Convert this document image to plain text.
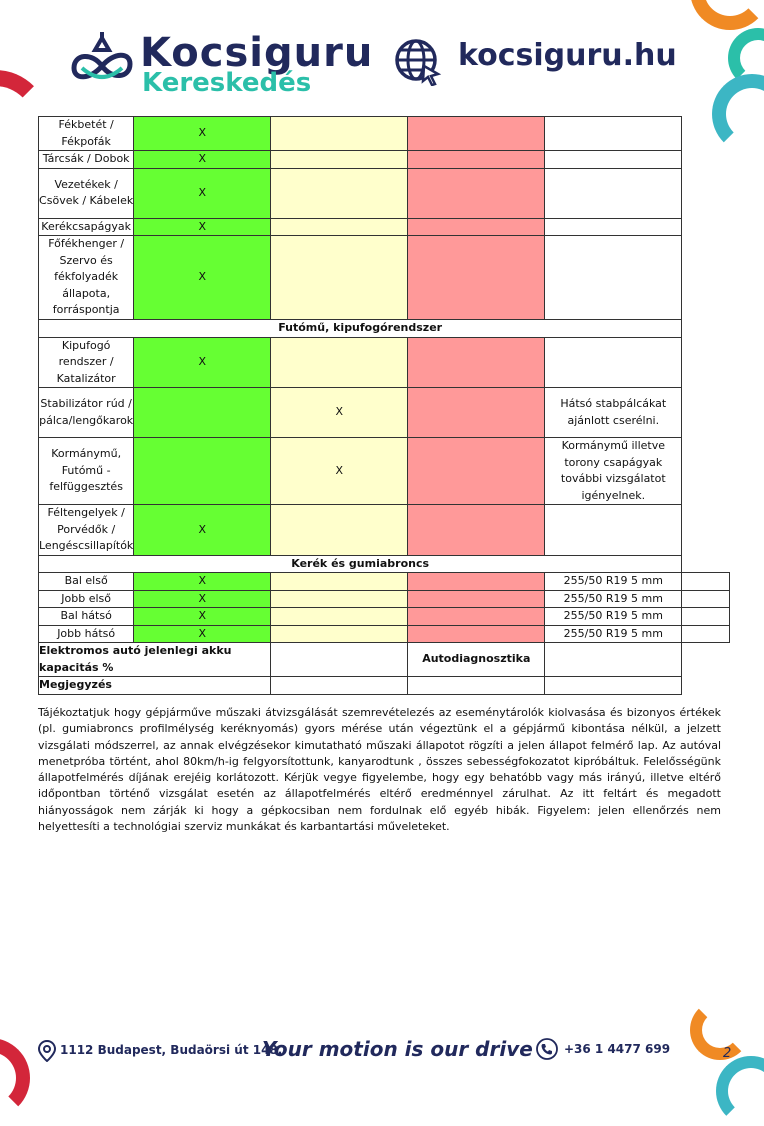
Kocsiguru
Kereskedés
kocsiguru.hu
Fékbetét / Fékpofák	X				
Tárcsák / Dobok	X				
Vezetékek / Csövek / Kábelek	X				
Kerékcsapágyak	X				
Főfékhenger / Szervo és fékfolyadék állapota, forráspontja	X				
Futómű, kipufogórendszer					
Kipufogó rendszer / Katalizátor	X				
Stabilizátor rúd / pálca/lengőkarok		X		Hátsó stabpálcákat ajánlott cserélni.	
Kormánymű, Futómű - felfüggesztés		X		Kormánymű illetve torony csapágyak további vizsgálatot igényelnek.	
Féltengelyek / Porvédők / Lengéscsillapítók	X				
Kerék és gumiabroncs					
Bal első	X			255/50 R19 5 mm	
Jobb első	X			255/50 R19 5 mm	
Bal hátsó	X			255/50 R19 5 mm	
Jobb hátsó	X			255/50 R19 5 mm	
Elektromos autó jelenlegi akku kapacitás %			Autodiagnosztika		
Megjegyzés					
Tájékoztatjuk hogy gépjárműve műszaki átvizsgálását szemrevételezés az eseménytárolók kiolvasása és bizonyos értékek (pl. gumiabroncs profilmélység keréknyomás) gyors mérése után végeztünk el a gépjármű kibontása nélkül, a jelzett vizsgálati módszerrel, az annak elvégzésekor kimutatható műszaki állapotot rögzíti a jelen állapot felmérő lap. Az autóval menetpróba történt, ahol 80km/h-ig felgyorsítottunk, kanyarodtunk , összes sebességfokozatot kipróbáltuk. Felelősségünk állapotfelmérés díjának erejéig korlátozott. Kérjük vegye figyelembe, hogy egy behatóbb vagy más irányú, illetve eltérő időpontban történő vizsgálat esetén az állapotfelmérés eltérő eredménnyel zárulhat. Az itt feltárt és megadott hiányosságok nem zárják ki hogy a gépkocsiban nem fordulnak elő egyéb hibák. Figyelem: jelen ellenőrzés nem helyettesíti a technológiai szerviz munkákat és karbantartási műveleteket.
1112 Budapest, Budaörsi út 148.
Your motion is our drive	+36 1 4477 699	2
